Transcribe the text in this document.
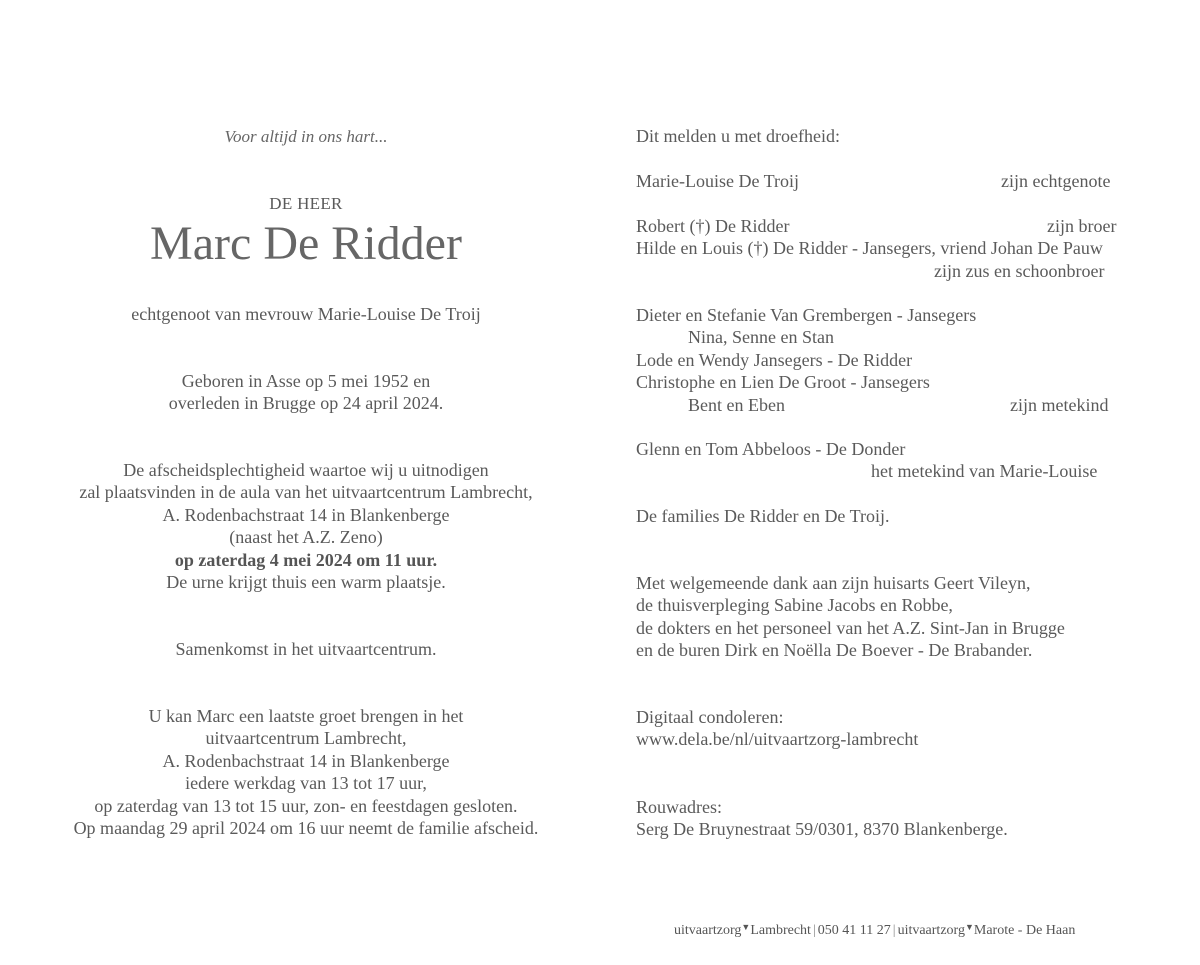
Voor altijd in ons hart...

DE HEER

Marc De Ridder

echtgenoot van mevrouw Marie-Louise De Troij

Geboren in Asse op 5 mei 1952 en
overleden in Brugge op 24 april 2024.
De afscheidsplechtigheid waartoe wij u uitnodigen
zal plaatsvinden in de aula van het uitvaartcentrum Lambrecht,
A. Rodenbachstraat 14 in Blankenberge
(naast het A.Z. Zeno)
op zaterdag 4 mei 2024 om 11 uur.
De urne krijgt thuis een warm plaatsje.

Samenkomst in het uitvaartcentrum.

U kan Marc een laatste groet brengen in het
uitvaartcentrum Lambrecht,
A. Rodenbachstraat 14 in Blankenberge
iedere werkdag van 13 tot 17 uur,
op zaterdag van 13 tot 15 uur, zon- en feestdagen gesloten.
Op maandag 29 april 2024 om 16 uur neemt de familie afscheid.

Dit melden u met droefheid:

Marie-Louise De Troij	zijn echtgenote
Robert (†) De Ridder	zijn broer
Hilde en Louis (†) De Ridder - Jansegers, vriend Johan De Pauw
zijn zus en schoonbroer
Dieter en Stefanie Van Grembergen - Jansegers
Nina, Senne en Stan
Lode en Wendy Jansegers - De Ridder
Christophe en Lien De Groot - Jansegers
Bent en Eben	zijn metekind
Glenn en Tom Abbeloos - De Donder
het metekind van Marie-Louise

De families De Ridder en De Troij.

Met welgemeende dank aan zijn huisarts Geert Vileyn,
de thuisverpleging Sabine Jacobs en Robbe,
de dokters en het personeel van het A.Z. Sint-Jan in Brugge
en de buren Dirk en Noëlla De Boever - De Brabander.
Digitaal condoleren:
www.dela.be/nl/uitvaartzorg-lambrecht
Rouwadres:
Serg De Bruynestraat 59/0301, 8370 Blankenberge.
uitvaartzorg▼Lambrecht | 050 41 11 27 | uitvaartzorg▼Marote - De Haan
